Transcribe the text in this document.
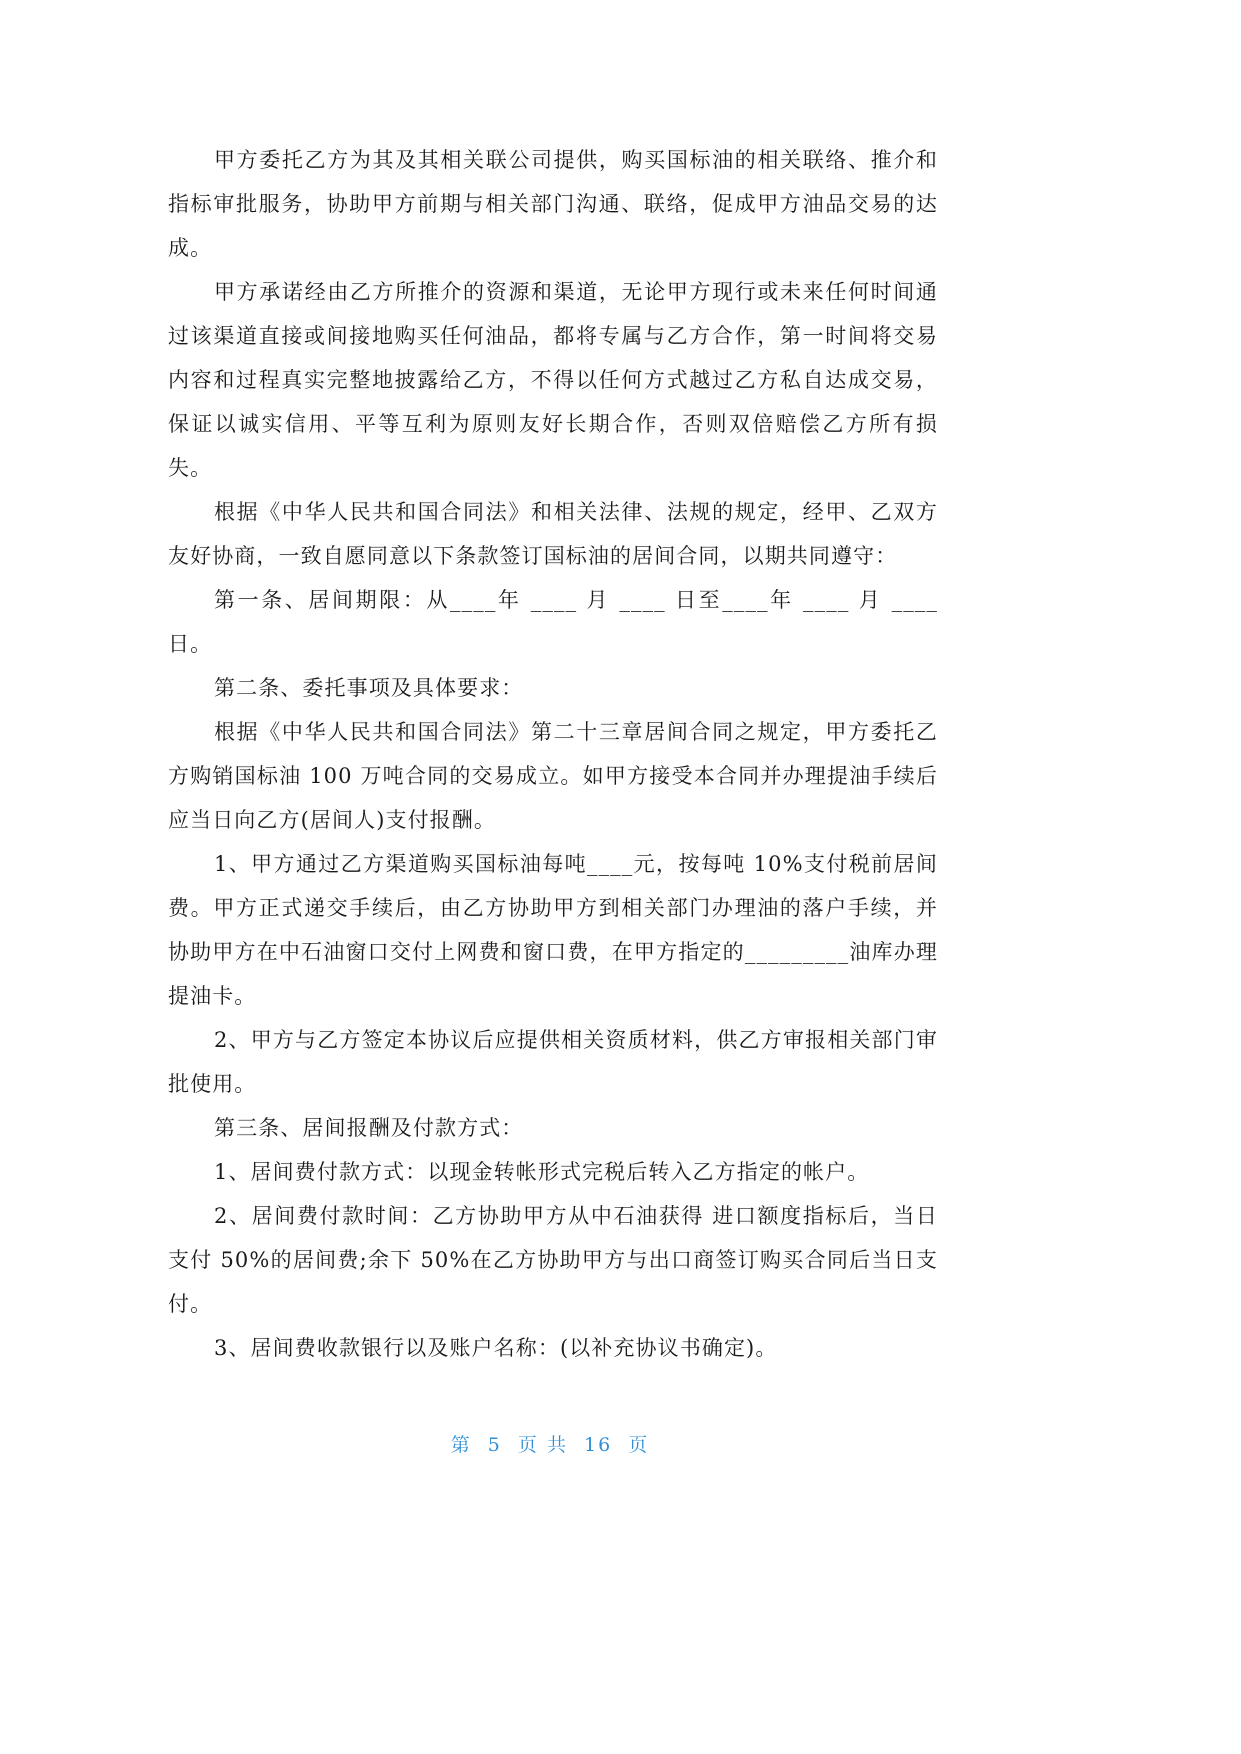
甲方委托乙方为其及其相关联公司提供，购买国标油的相关联络、推介和指标审批服务，协助甲方前期与相关部门沟通、联络，促成甲方油品交易的达成。

甲方承诺经由乙方所推介的资源和渠道，无论甲方现行或未来任何时间通过该渠道直接或间接地购买任何油品，都将专属与乙方合作，第一时间将交易内容和过程真实完整地披露给乙方，不得以任何方式越过乙方私自达成交易，保证以诚实信用、平等互利为原则友好长期合作，否则双倍赔偿乙方所有损失。

根据《中华人民共和国合同法》和相关法律、法规的规定，经甲、乙双方友好协商，一致自愿同意以下条款签订国标油的居间合同，以期共同遵守：

第一条、居间期限：从____年 ____ 月 ____ 日至____年 ____ 月 ____日。

第二条、委托事项及具体要求：

根据《中华人民共和国合同法》第二十三章居间合同之规定，甲方委托乙方购销国标油 100 万吨合同的交易成立。如甲方接受本合同并办理提油手续后应当日向乙方(居间人)支付报酬。

1、甲方通过乙方渠道购买国标油每吨____元，按每吨 10%支付税前居间费。甲方正式递交手续后，由乙方协助甲方到相关部门办理油的落户手续，并协助甲方在中石油窗口交付上网费和窗口费，在甲方指定的_________油库办理提油卡。

2、甲方与乙方签定本协议后应提供相关资质材料，供乙方审报相关部门审批使用。

第三条、居间报酬及付款方式：

1、居间费付款方式：以现金转帐形式完税后转入乙方指定的帐户。

2、居间费付款时间：乙方协助甲方从中石油获得 进口额度指标后，当日支付 50%的居间费;余下 50%在乙方协助甲方与出口商签订购买合同后当日支付。

3、居间费收款银行以及账户名称：(以补充协议书确定)。

第  5  页 共  16  页
